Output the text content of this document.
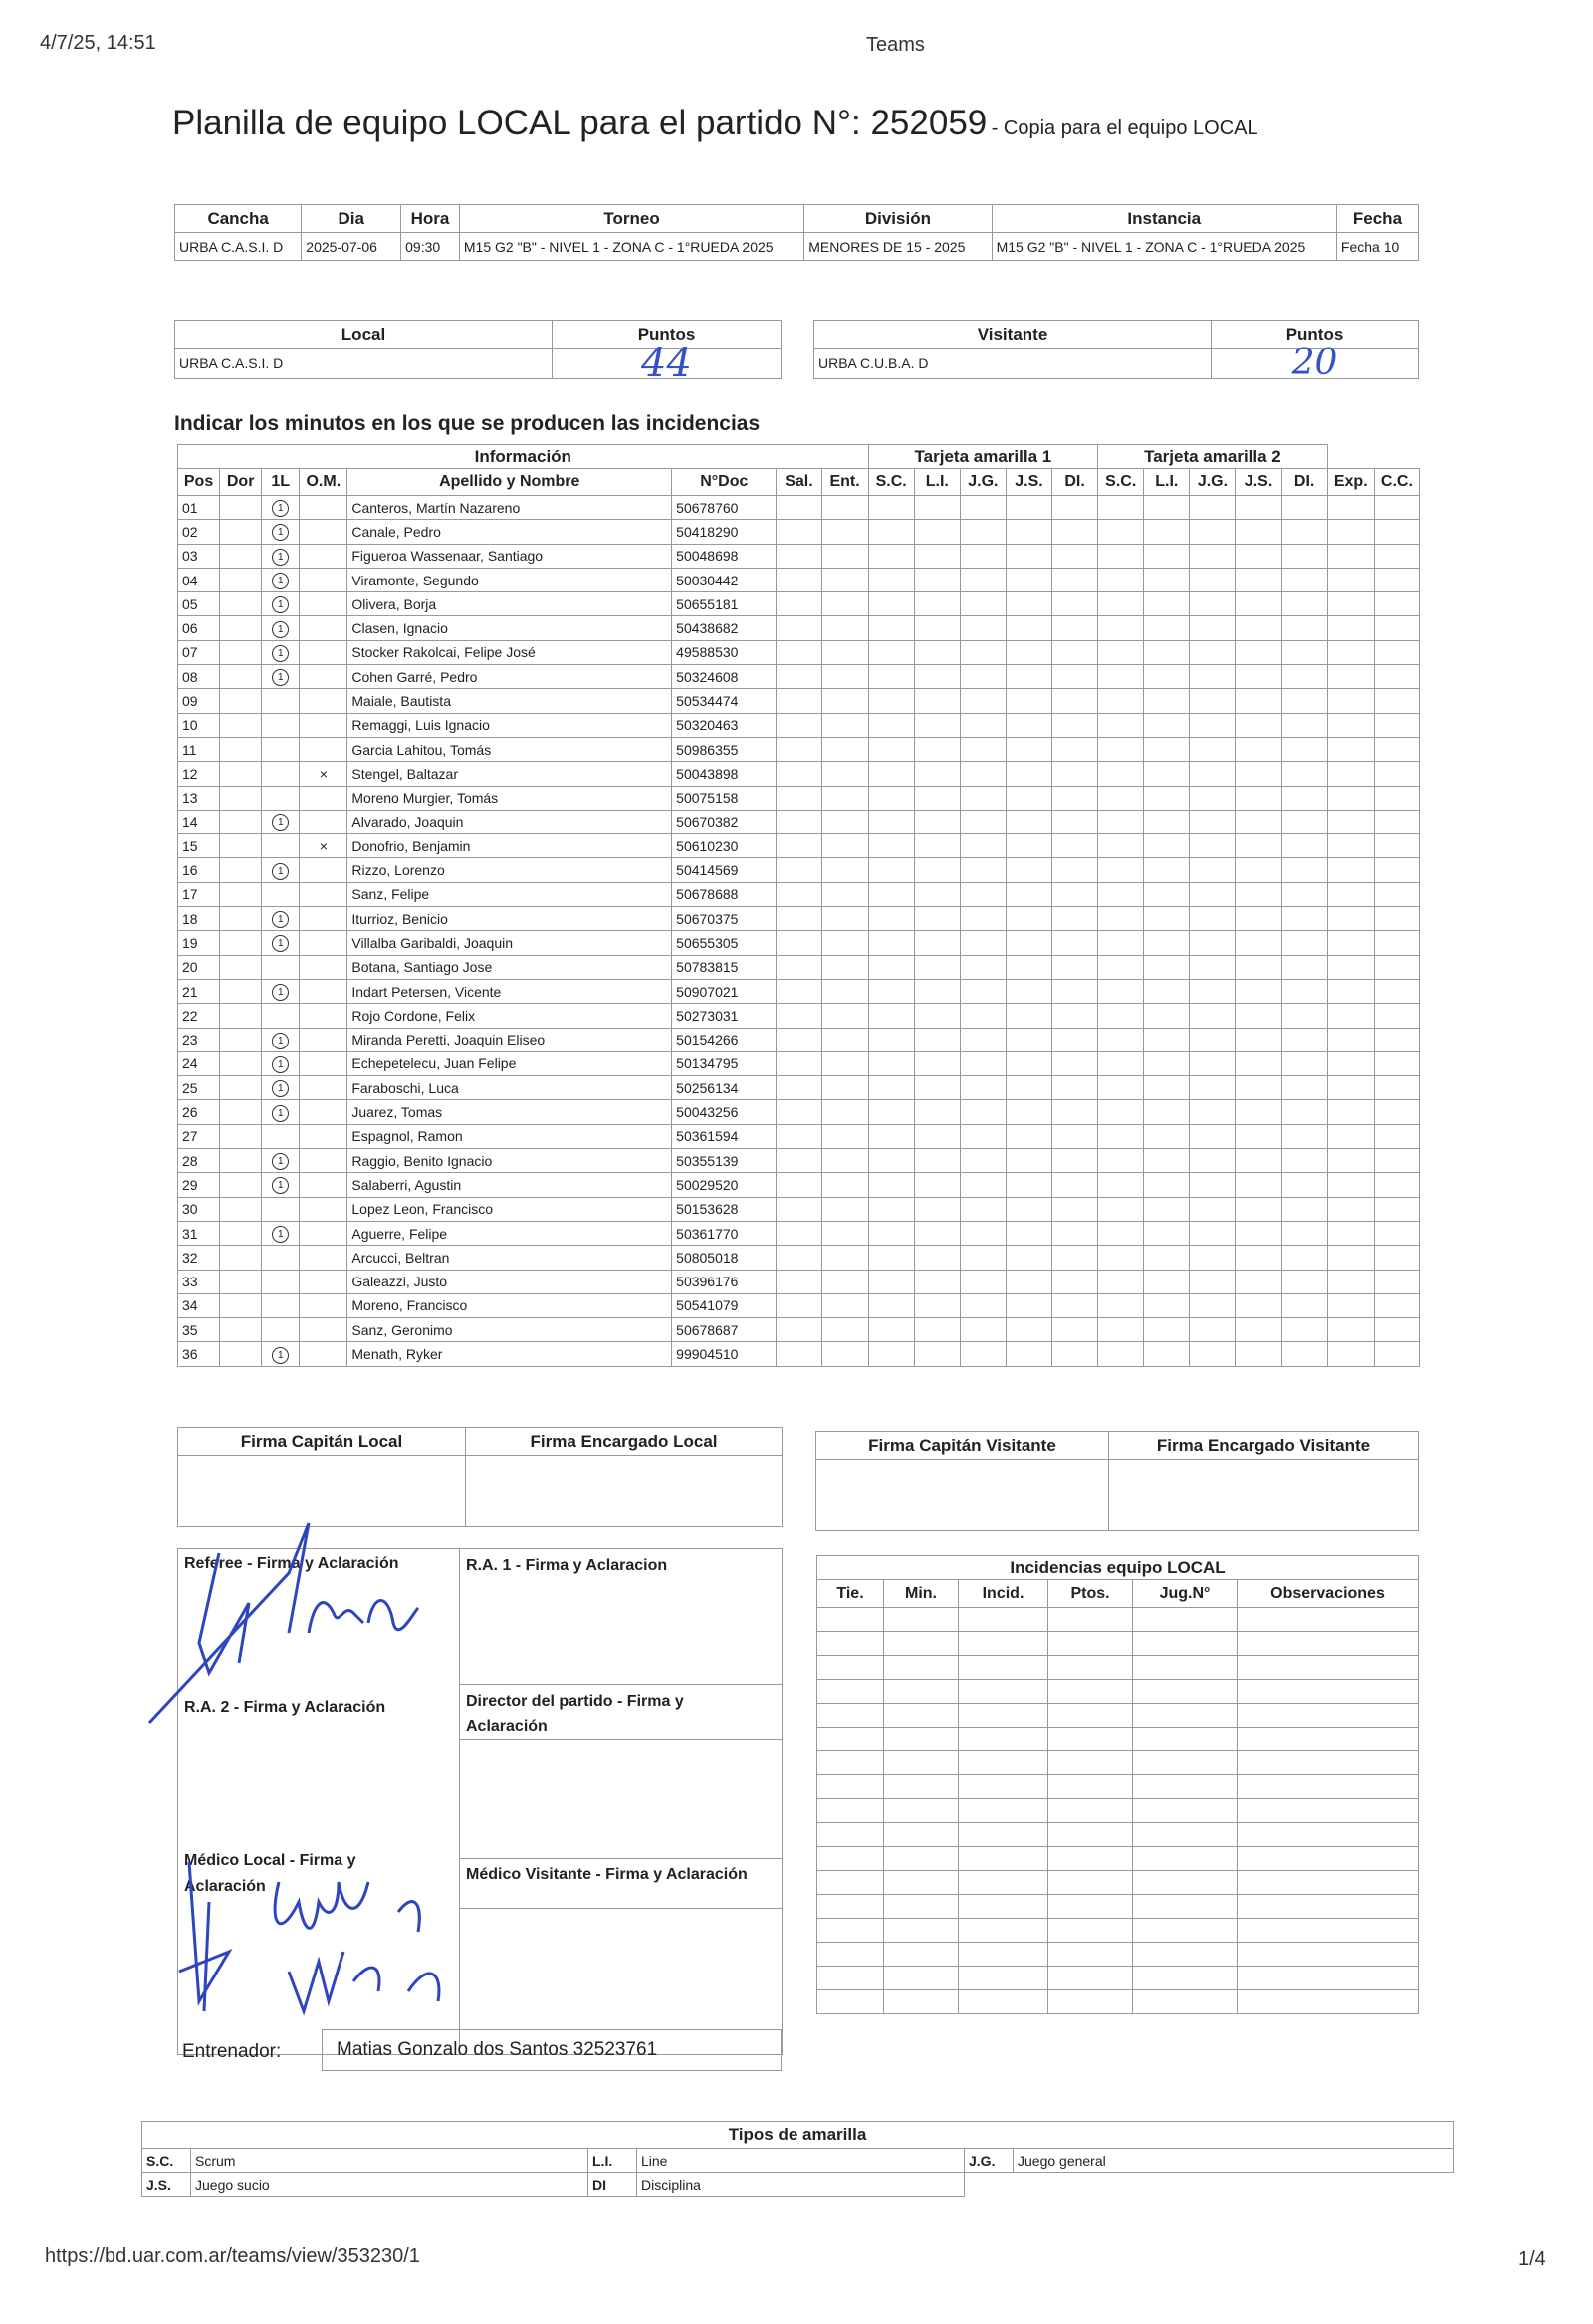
4/7/25, 14:51	Teams
https://bd.uar.com.ar/teams/view/353230/1	1/4
Planilla de equipo LOCAL para el partido N°: 252059 - Copia para el equipo LOCAL
Cancha	Dia	Hora	Torneo	División	Instancia	Fecha
URBA C.A.S.I. D	2025-07-06	09:30	M15 G2 "B" - NIVEL 1 - ZONA C - 1°RUEDA 2025	MENORES DE 15 - 2025	M15 G2 "B" - NIVEL 1 - ZONA C - 1°RUEDA 2025	Fecha 10
Local	Puntos
URBA C.A.S.I. D	44
Visitante	Puntos
URBA C.U.B.A. D	20
Indicar los minutos en los que se producen las incidencias
Información								Tarjeta amarilla 1					Tarjeta amarilla 2						
Pos	Dor	1L	O.M.	Apellido y Nombre	N°Doc	Sal.	Ent.	S.C.	L.I.	J.G.	J.S.	DI.	S.C.	L.I.	J.G.	J.S.	DI.	Exp.	C.C.
01		1		Canteros, Martín Nazareno	50678760														
02		1		Canale, Pedro	50418290														
03		1		Figueroa Wassenaar, Santiago	50048698														
04		1		Viramonte, Segundo	50030442														
05		1		Olivera, Borja	50655181														
06		1		Clasen, Ignacio	50438682														
07		1		Stocker Rakolcai, Felipe José	49588530														
08		1		Cohen Garré, Pedro	50324608														
09				Maiale, Bautista	50534474														
10				Remaggi, Luis Ignacio	50320463														
11				Garcia Lahitou, Tomás	50986355														
12			×	Stengel, Baltazar	50043898														
13				Moreno Murgier, Tomás	50075158														
14		1		Alvarado, Joaquin	50670382														
15			×	Donofrio, Benjamin	50610230														
16		1		Rizzo, Lorenzo	50414569														
17				Sanz, Felipe	50678688														
18		1		Iturrioz, Benicio	50670375														
19		1		Villalba Garibaldi, Joaquin	50655305														
20				Botana, Santiago Jose	50783815														
21		1		Indart Petersen, Vicente	50907021														
22				Rojo Cordone, Felix	50273031														
23		1		Miranda Peretti, Joaquin Eliseo	50154266														
24		1		Echepetelecu, Juan Felipe	50134795														
25		1		Faraboschi, Luca	50256134														
26		1		Juarez, Tomas	50043256														
27				Espagnol, Ramon	50361594														
28		1		Raggio, Benito Ignacio	50355139														
29		1		Salaberri, Agustin	50029520														
30				Lopez Leon, Francisco	50153628														
31		1		Aguerre, Felipe	50361770														
32				Arcucci, Beltran	50805018														
33				Galeazzi, Justo	50396176														
34				Moreno, Francisco	50541079														
35				Sanz, Geronimo	50678687														
36		1		Menath, Ryker	99904510														
Firma Capitán Local	Firma Encargado Local
		Firma Capitán Visitante	Firma Encargado Visitante

Referee - Firma y Aclaración	R.A. 1 - Firma y Aclaracion
R.A. 2 - Firma y Aclaración	Director del partido - Firma y Aclaración
Médico Local - Firma y Aclaración
Médico Visitante - Firma y Aclaración
Incidencias equipo LOCAL					
Tie.	Min.	Incid.	Ptos.	Jug.N°	Observaciones

Entrenador:	Matias Gonzalo dos Santos 32523761
Tipos de amarilla
S.C.	Scrum	L.I.	Line	J.G.	Juego general
J.S.	Juego sucio	DI	Disciplina		
